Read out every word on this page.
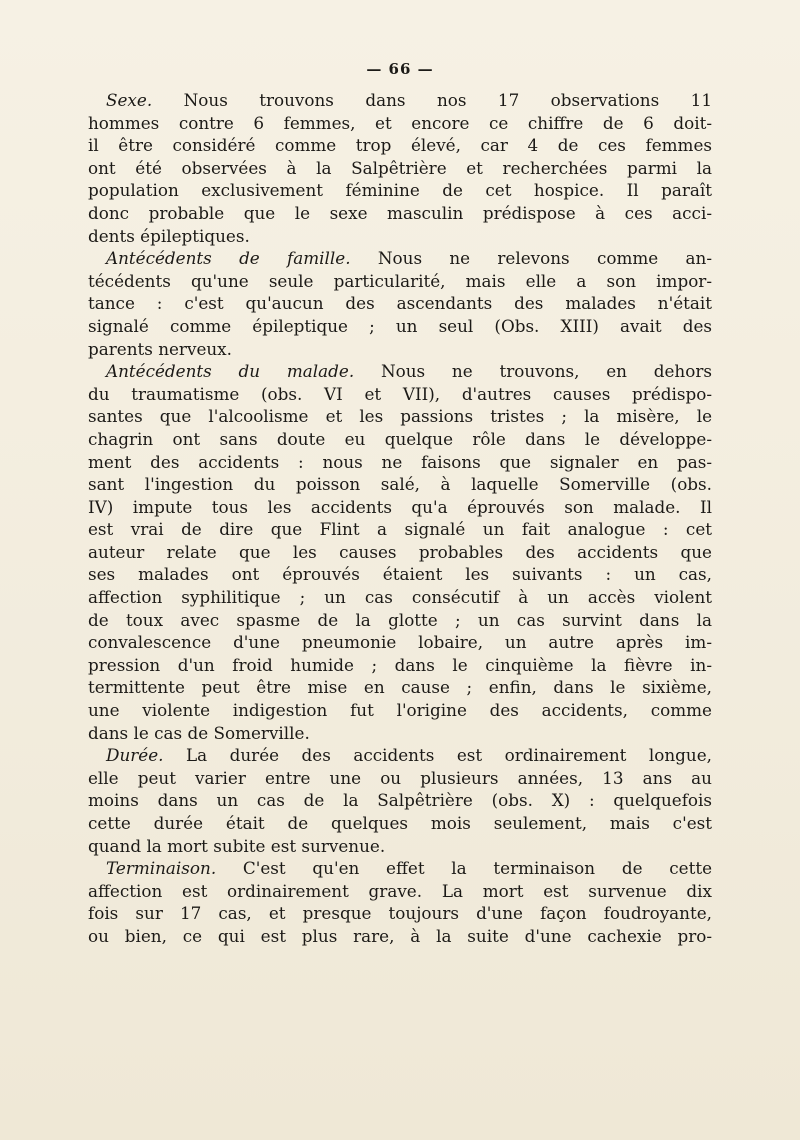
— 66 —
Sexe. Nous trouvons dans nos 17 observations 11
hommes contre 6 femmes, et encore ce chiffre de 6 doit-
il être considéré comme trop élevé, car 4 de ces femmes
ont été observées à la Salpêtrière et recherchées parmi la
population exclusivement féminine de cet hospice. Il paraît
donc probable que le sexe masculin prédispose à ces acci-
dents épileptiques.
Antécédents de famille. Nous ne relevons comme an-
técédents qu'une seule particularité, mais elle a son impor-
tance : c'est qu'aucun des ascendants des malades n'était
signalé comme épileptique ; un seul (Obs. XIII) avait des
parents nerveux.
Antécédents du malade. Nous ne trouvons, en dehors
du traumatisme (obs. VI et VII), d'autres causes prédispo-
santes que l'alcoolisme et les passions tristes ; la misère, le
chagrin ont sans doute eu quelque rôle dans le développe-
ment des accidents : nous ne faisons que signaler en pas-
sant l'ingestion du poisson salé, à laquelle Somerville (obs.
IV) impute tous les accidents qu'a éprouvés son malade. Il
est vrai de dire que Flint a signalé un fait analogue : cet
auteur relate que les causes probables des accidents que
ses malades ont éprouvés étaient les suivants : un cas,
affection syphilitique ; un cas consécutif à un accès violent
de toux avec spasme de la glotte ; un cas survint dans la
convalescence d'une pneumonie lobaire, un autre après im-
pression d'un froid humide ; dans le cinquième la fièvre in-
termittente peut être mise en cause ; enfin, dans le sixième,
une violente indigestion fut l'origine des accidents, comme
dans le cas de Somerville.
Durée. La durée des accidents est ordinairement longue,
elle peut varier entre une ou plusieurs années, 13 ans au
moins dans un cas de la Salpêtrière (obs. X) : quelquefois
cette durée était de quelques mois seulement, mais c'est
quand la mort subite est survenue.
Terminaison. C'est qu'en effet la terminaison de cette
affection est ordinairement grave. La mort est survenue dix
fois sur 17 cas, et presque toujours d'une façon foudroyante,
ou bien, ce qui est plus rare, à la suite d'une cachexie pro-
